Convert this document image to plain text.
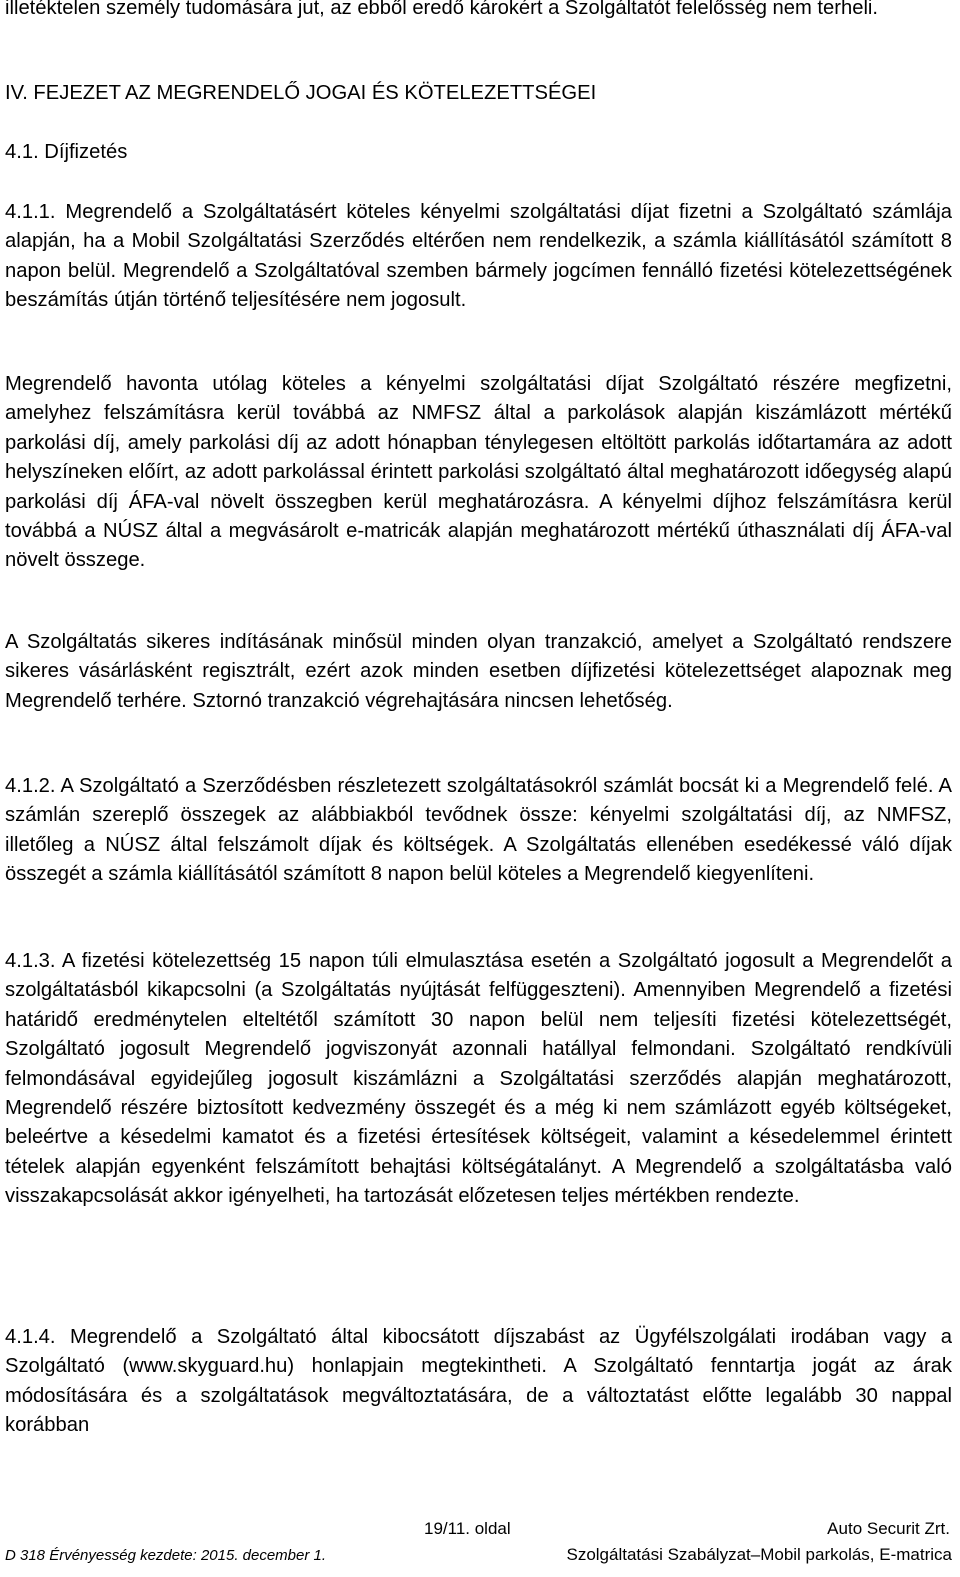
illetéktelen személy tudomására jut, az ebből eredő károkért a Szolgáltatót felelősség nem terheli.

IV. FEJEZET AZ MEGRENDELŐ JOGAI ÉS KÖTELEZETTSÉGEI

4.1. Díjfizetés

4.1.1. Megrendelő a Szolgáltatásért köteles kényelmi szolgáltatási díjat fizetni a Szolgáltató számlája alapján, ha a Mobil Szolgáltatási Szerződés eltérően nem rendelkezik, a számla kiállításától számított 8 napon belül. Megrendelő a Szolgáltatóval szemben bármely jogcímen fennálló fizetési kötelezettségének beszámítás útján történő teljesítésére nem jogosult.

Megrendelő havonta utólag köteles a kényelmi szolgáltatási díjat Szolgáltató részére megfizetni, amelyhez felszámításra kerül továbbá az NMFSZ által a parkolások alapján kiszámlázott mértékű parkolási díj, amely parkolási díj az adott hónapban ténylegesen eltöltött parkolás időtartamára az adott helyszíneken előírt, az adott parkolással érintett parkolási szolgáltató által meghatározott időegység alapú parkolási díj ÁFA-val növelt összegben kerül meghatározásra. A kényelmi díjhoz felszámításra kerül továbbá a NÚSZ által a megvásárolt e-matricák alapján meghatározott mértékű úthasználati díj ÁFA-val növelt összege.

A Szolgáltatás sikeres indításának minősül minden olyan tranzakció, amelyet a Szolgáltató rendszere sikeres vásárlásként regisztrált, ezért azok minden esetben díjfizetési kötelezettséget alapoznak meg Megrendelő terhére. Sztornó tranzakció végrehajtására nincsen lehetőség.

4.1.2. A Szolgáltató a Szerződésben részletezett szolgáltatásokról számlát bocsát ki a Megrendelő felé. A számlán szereplő összegek az alábbiakból tevődnek össze: kényelmi szolgáltatási díj, az NMFSZ, illetőleg a NÚSZ által felszámolt díjak és költségek. A Szolgáltatás ellenében esedékessé váló díjak összegét a számla kiállításától számított 8 napon belül köteles a Megrendelő kiegyenlíteni.

4.1.3. A fizetési kötelezettség 15 napon túli elmulasztása esetén a Szolgáltató jogosult a Megrendelőt a szolgáltatásból kikapcsolni (a Szolgáltatás nyújtását felfüggeszteni). Amennyiben Megrendelő a fizetési határidő eredménytelen elteltétől számított 30 napon belül nem teljesíti fizetési kötelezettségét, Szolgáltató jogosult Megrendelő jogviszonyát azonnali hatállyal felmondani. Szolgáltató rendkívüli felmondásával egyidejűleg jogosult kiszámlázni a Szolgáltatási szerződés alapján meghatározott, Megrendelő részére biztosított kedvezmény összegét és a még ki nem számlázott egyéb költségeket, beleértve a késedelmi kamatot és a fizetési értesítések költségeit, valamint a késedelemmel érintett tételek alapján egyenként felszámított behajtási költségátalányt. A Megrendelő a szolgáltatásba való visszakapcsolását akkor igényelheti, ha tartozását előzetesen teljes mértékben rendezte.

4.1.4. Megrendelő a Szolgáltató által kibocsátott díjszabást az Ügyfélszolgálati irodában vagy a Szolgáltató (www.skyguard.hu) honlapjain megtekintheti. A Szolgáltató fenntartja jogát az árak módosítására és a szolgáltatások megváltoztatására, de a változtatást előtte legalább 30 nappal korábban

19/11. oldal	Auto Securit Zrt.
D 318 Érvényesség kezdete: 2015. december 1.	Szolgáltatási Szabályzat–Mobil parkolás, E-matrica
